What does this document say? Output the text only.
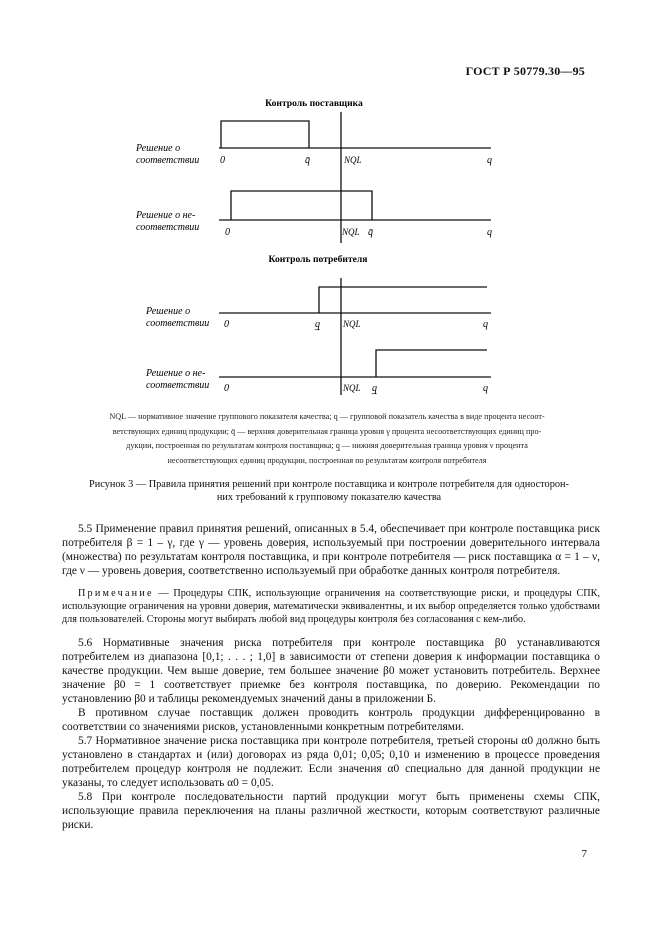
ГОСТ Р 50779.30—95
Контроль поставщика
Контроль потребителя
Решение о
соответствии 0	q̄	NQL	q
Решение о не-
соответствии	0	NQL q̄	q
Решение о
соответствии 0	q̲	NQL	q
Решение о не-
соответствии 0	NQL q̲	q
NQL — нормативное значение группового показателя качества; q — групповой показатель качества в виде процента несоот-
ветствующих единиц продукции; q̄ — верхняя доверительная граница уровня γ процента несоответствующих единиц про-
дукции, построенная по результатам контроля поставщика; q̲ — нижняя доверительная граница уровня ν процента
несоответствующих единиц продукции, построенная по результатам контроля потребителя
Рисунок 3 — Правила принятия решений при контроле поставщика и контроле потребителя для односторон-
них требований к групповому показателю качества

5.5 Применение правил принятия решений, описанных в 5.4, обеспечивает при контроле поставщика риск потребителя β = 1 – γ, где γ — уровень доверия, используемый при построении доверительного интервала (множества) по результатам контроля поставщика, и при контроле потребителя — риск поставщика α = 1 – ν, где ν — уровень доверия, соответственно используемый при обработке данных контроля потребителя.

Примечание — Процедуры СПК, использующие ограничения на соответствующие риски, и процедуры СПК, использующие ограничения на уровни доверия, математически эквивалентны, и их выбор определяется только удобствами для пользователей. Стороны могут выбирать любой вид процедуры контроля без согласования с кем-либо.

5.6 Нормативные значения риска потребителя при контроле поставщика β0 устанавливаются потребителем из диапазона [0,1; . . . ; 1,0] в зависимости от степени доверия к информации поставщика о качестве продукции. Чем выше доверие, тем большее значение β0 может установить потребитель. Верхнее значение β0 = 1 соответствует приемке без контроля поставщика, по доверию. Рекомендации по установлению β0 и таблицы рекомендуемых значений даны в приложении Б.

В противном случае поставщик должен проводить контроль продукции дифференцированно в соответствии со значениями рисков, установленными конкретным потребителями.

5.7 Нормативное значение риска поставщика при контроле потребителя, третьей стороны α0 должно быть установлено в стандартах и (или) договорах из ряда 0,01; 0,05; 0,10 и изменению в процессе проведения потребителем процедур контроля не подлежит. Если значения α0 специально для данной продукции не указаны, то следует использовать α0 = 0,05.

5.8 При контроле последовательности партий продукции могут быть применены схемы СПК, использующие правила переключения на планы различной жесткости, которым соответствуют различные риски.

7
